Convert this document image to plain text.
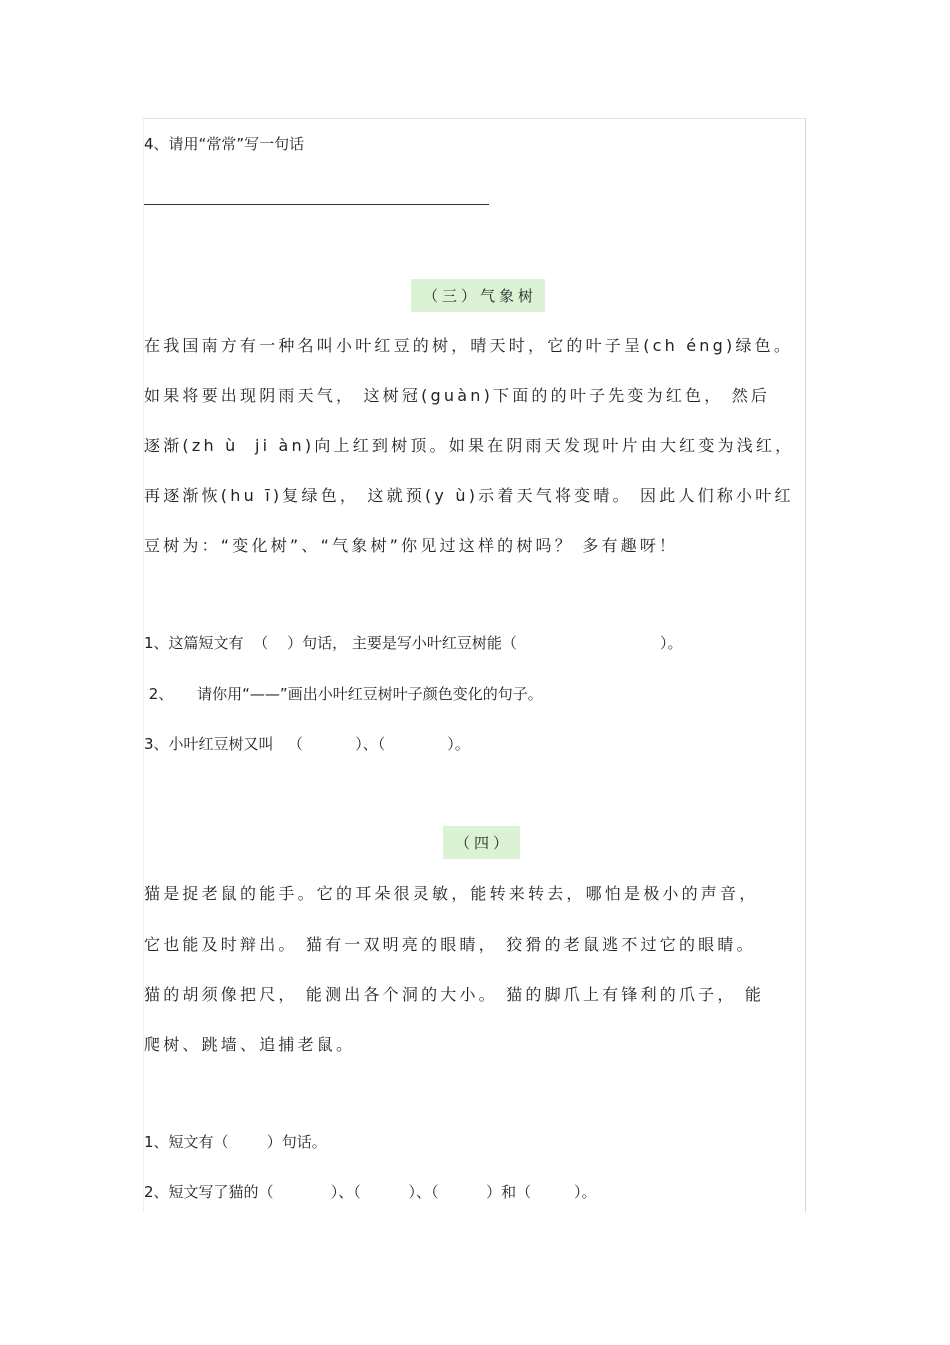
4、请用“常常”写一句话
（三）气象树
在我国南方有一种名叫小叶红豆的树，晴天时，它的叶子呈(ch éng)绿色。
如果将要出现阴雨天气， 这树冠(guàn)下面的的叶子先变为红色， 然后
逐渐(zh ù  ji àn)向上红到树顶。如果在阴雨天发现叶片由大红变为浅红，
再逐渐恢(hu ī)复绿色， 这就预(y ù)示着天气将变晴。 因此人们称小叶红
豆树为：“变化树”、“气象树”你见过这样的树吗？ 多有趣呀！
1、这篇短文有  （    ）句话， 主要是写小叶红豆树能（                              ）。
2、     请你用“——”画出小叶红豆树叶子颜色变化的句子。
3、小叶红豆树又叫   （           ）、（             ）。
（四）
猫是捉老鼠的能手。它的耳朵很灵敏，能转来转去，哪怕是极小的声音，
它也能及时辩出。 猫有一双明亮的眼睛， 狡猾的老鼠逃不过它的眼睛。
猫的胡须像把尺， 能测出各个洞的大小。 猫的脚爪上有锋利的爪子， 能
爬树、跳墙、追捕老鼠。
1、短文有（        ）句话。
2、短文写了猫的（            ）、（          ）、（          ）和（         ）。
